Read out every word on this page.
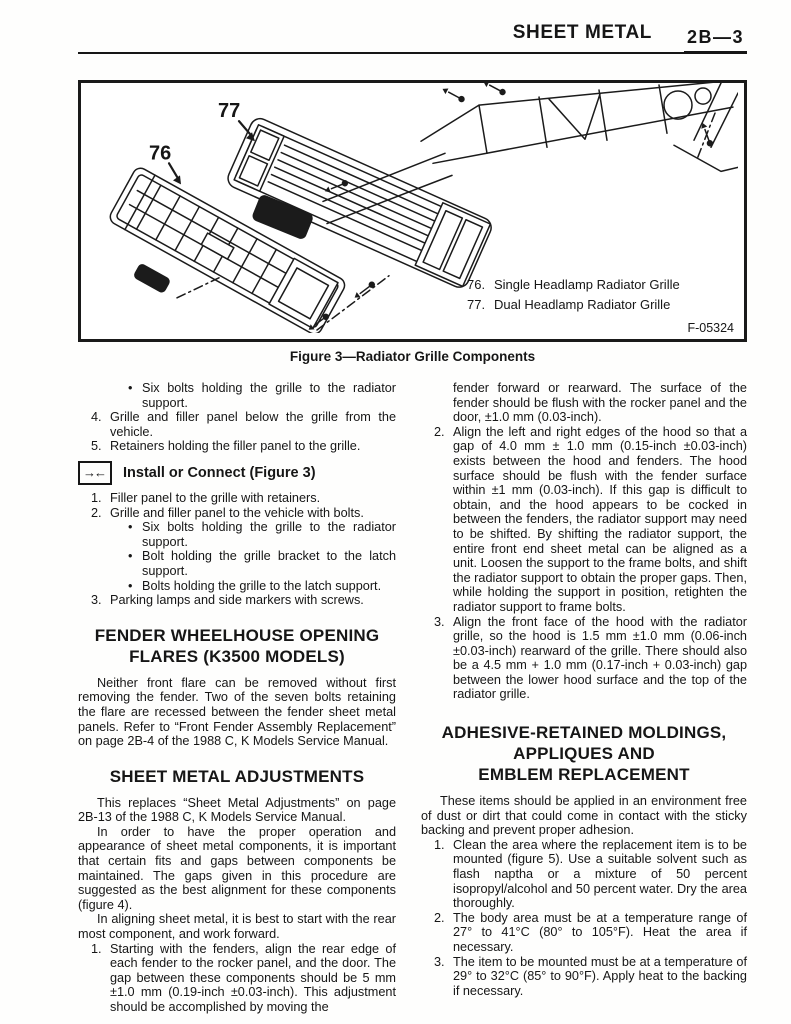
SHEET METAL 2B—3
76
77
76. Single Headlamp Radiator Grille
77. Dual Headlamp Radiator Grille
F-05324
Figure 3—Radiator Grille Components
• Six bolts holding the grille to the radiator support.
4. Grille and filler panel below the grille from the vehicle.
5. Retainers holding the filler panel to the grille.
→← Install or Connect (Figure 3)
1. Filler panel to the grille with retainers.
2. Grille and filler panel to the vehicle with bolts.
• Six bolts holding the grille to the radiator support.
• Bolt holding the grille bracket to the latch support.
• Bolts holding the grille to the latch support.
3. Parking lamps and side markers with screws.
FENDER WHEELHOUSE OPENING
FLARES (K3500 MODELS)
Neither front flare can be removed without first removing the fender. Two of the seven bolts retaining the flare are recessed between the fender sheet metal panels. Refer to “Front Fender Assembly Replacement” on page 2B-4 of the 1988 C, K Models Service Manual.
SHEET METAL ADJUSTMENTS
This replaces “Sheet Metal Adjustments” on page 2B-13 of the 1988 C, K Models Service Manual.
In order to have the proper operation and appearance of sheet metal components, it is important that certain fits and gaps between components be maintained. The gaps given in this procedure are suggested as the best alignment for these components (figure 4).
In aligning sheet metal, it is best to start with the rear most component, and work forward.
1. Starting with the fenders, align the rear edge of each fender to the rocker panel, and the door. The gap between these components should be 5 mm ±1.0 mm (0.19-inch ±0.03-inch). This adjustment should be accomplished by moving the
fender forward or rearward. The surface of the fender should be flush with the rocker panel and the door, ±1.0 mm (0.03-inch).
2. Align the left and right edges of the hood so that a gap of 4.0 mm ± 1.0 mm (0.15-inch ±0.03-inch) exists between the hood and fenders. The hood surface should be flush with the fender surface within ±1 mm (0.03-inch). If this gap is difficult to obtain, and the hood appears to be cocked in between the fenders, the radiator support may need to be shifted. By shifting the radiator support, the entire front end sheet metal can be aligned as a unit. Loosen the support to the frame bolts, and shift the radiator support to obtain the proper gaps. Then, while holding the support in position, retighten the radiator support to frame bolts.
3. Align the front face of the hood with the radiator grille, so the hood is 1.5 mm ±1.0 mm (0.06-inch ±0.03-inch) rearward of the grille. There should also be a 4.5 mm + 1.0 mm (0.17-inch + 0.03-inch) gap between the lower hood surface and the top of the radiator grille.
ADHESIVE-RETAINED MOLDINGS,
APPLIQUES AND
EMBLEM REPLACEMENT
These items should be applied in an environment free of dust or dirt that could come in contact with the sticky backing and prevent proper adhesion.
1. Clean the area where the replacement item is to be mounted (figure 5). Use a suitable solvent such as flash naptha or a mixture of 50 percent isopropyl/alcohol and 50 percent water. Dry the area thoroughly.
2. The body area must be at a temperature range of 27° to 41°C (80° to 105°F). Heat the area if necessary.
3. The item to be mounted must be at a temperature of 29° to 32°C (85° to 90°F). Apply heat to the backing if necessary.
